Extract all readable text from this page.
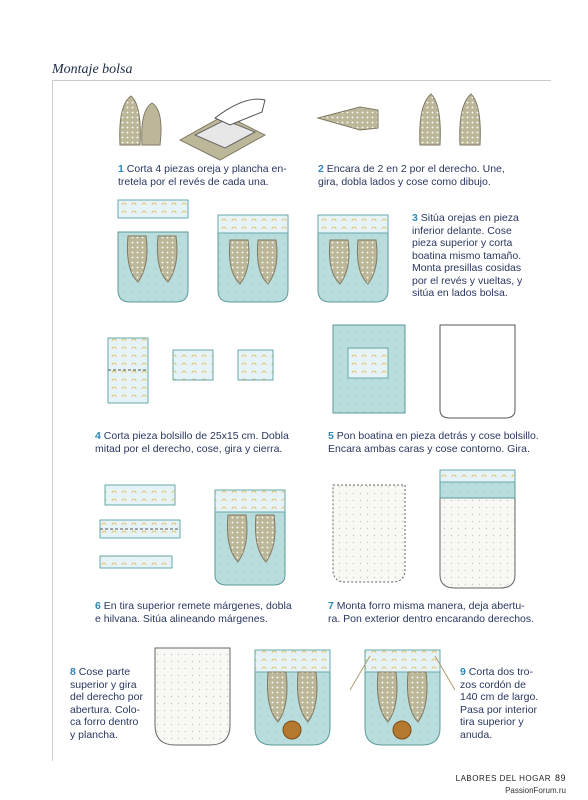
Montaje bolsa
1 Corta 4 piezas oreja y plancha en-
tretela por el revés de cada una.
2 Encara de 2 en 2 por el derecho. Une,
gira, dobla lados y cose como dibujo.
3 Sitúa orejas en pieza
inferior delante. Cose
pieza superior y corta
boatina mismo tamaño.
Monta presillas cosidas
por el revés y vueltas, y
sitúa en lados bolsa.
4 Corta pieza bolsillo de 25x15 cm. Dobla
mitad por el derecho, cose, gira y cierra.
5 Pon boatina en pieza detrás y cose bolsillo.
Encara ambas caras y cose contorno. Gira.
6 En tira superior remete márgenes, dobla
e hilvana. Sitúa alineando márgenes.
7 Monta forro misma manera, deja abertu-
ra. Pon exterior dentro encarando derechos.
8 Cose parte
superior y gira
del derecho por
abertura. Colo-
ca forro dentro
y plancha.
9 Corta dos tro-
zos cordón de
140 cm de largo.
Pasa por interior
tira superior y
anuda.
LABORES DEL HOGAR 89
PassionForum.ru
